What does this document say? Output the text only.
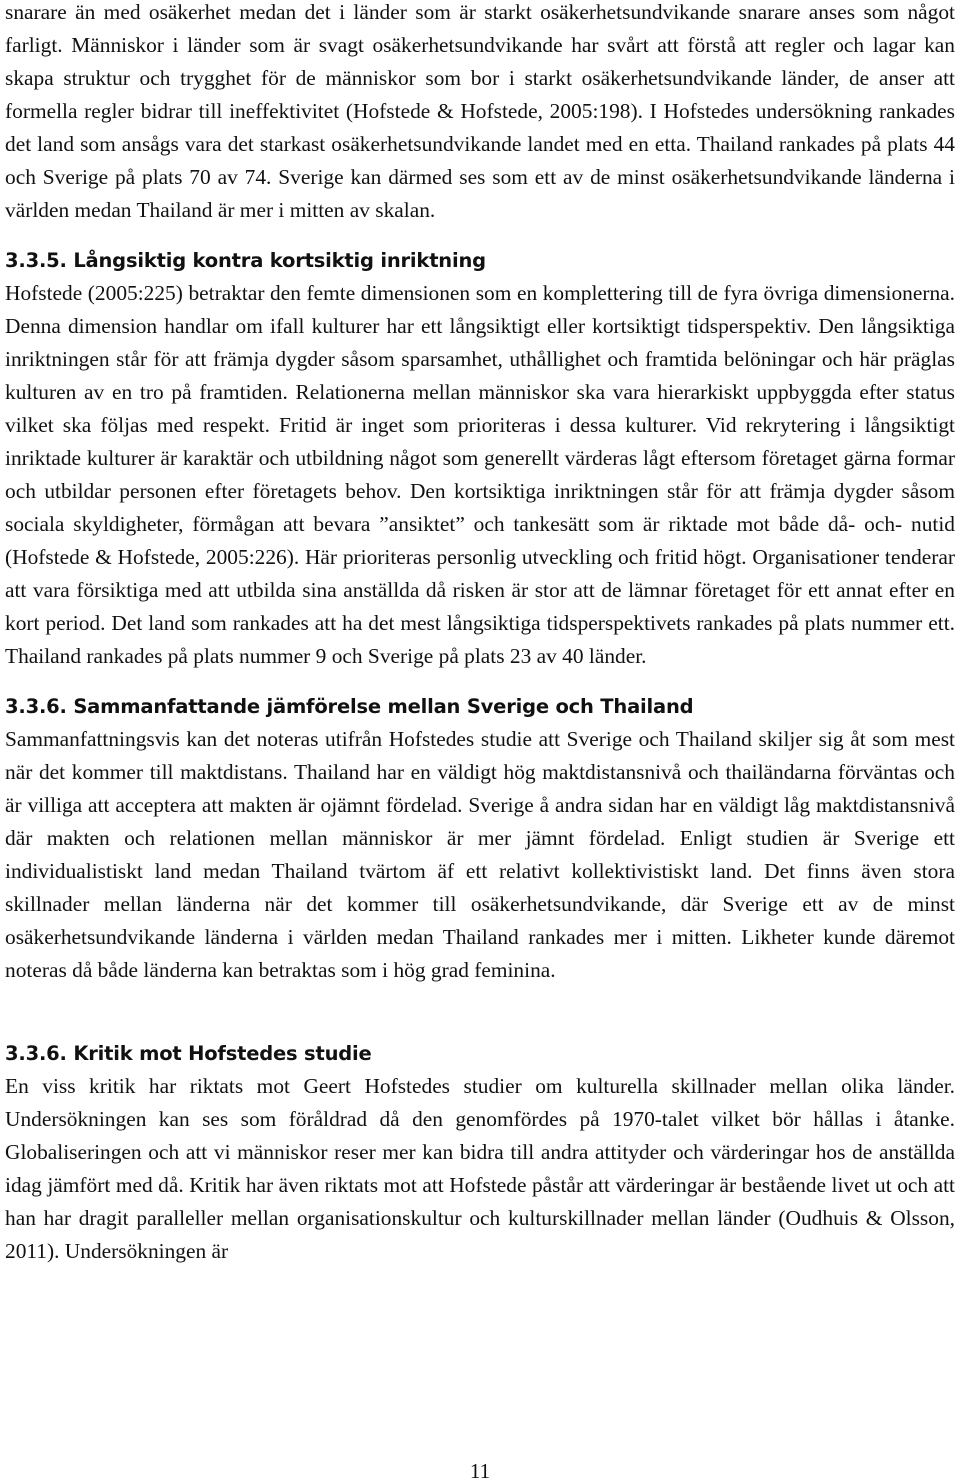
snarare än med osäkerhet medan det i länder som är starkt osäkerhetsundvikande snarare anses som något farligt. Människor i länder som är svagt osäkerhetsundvikande har svårt att förstå att regler och lagar kan skapa struktur och trygghet för de människor som bor i starkt osäkerhetsundvikande länder, de anser att formella regler bidrar till ineffektivitet (Hofstede & Hofstede, 2005:198). I Hofstedes undersökning rankades det land som ansågs vara det starkast osäkerhetsundvikande landet med en etta. Thailand rankades på plats 44 och Sverige på plats 70 av 74. Sverige kan därmed ses som ett av de minst osäkerhetsundvikande länderna i världen medan Thailand är mer i mitten av skalan.

3.3.5. Långsiktig kontra kortsiktig inriktning

Hofstede (2005:225) betraktar den femte dimensionen som en komplettering till de fyra övriga dimensionerna. Denna dimension handlar om ifall kulturer har ett långsiktigt eller kortsiktigt tidsperspektiv. Den långsiktiga inriktningen står för att främja dygder såsom sparsamhet, uthållighet och framtida belöningar och här präglas kulturen av en tro på framtiden. Relationerna mellan människor ska vara hierarkiskt uppbyggda efter status vilket ska följas med respekt. Fritid är inget som prioriteras i dessa kulturer. Vid rekrytering i långsiktigt inriktade kulturer är karaktär och utbildning något som generellt värderas lågt eftersom företaget gärna formar och utbildar personen efter företagets behov. Den kortsiktiga inriktningen står för att främja dygder såsom sociala skyldigheter, förmågan att bevara ”ansiktet” och tankesätt som är riktade mot både då- och- nutid (Hofstede & Hofstede, 2005:226). Här prioriteras personlig utveckling och fritid högt. Organisationer tenderar att vara försiktiga med att utbilda sina anställda då risken är stor att de lämnar företaget för ett annat efter en kort period. Det land som rankades att ha det mest långsiktiga tidsperspektivets rankades på plats nummer ett. Thailand rankades på plats nummer 9 och Sverige på plats 23 av 40 länder.

3.3.6. Sammanfattande jämförelse mellan Sverige och Thailand

Sammanfattningsvis kan det noteras utifrån Hofstedes studie att Sverige och Thailand skiljer sig åt som mest när det kommer till maktdistans. Thailand har en väldigt hög maktdistansnivå och thailändarna förväntas och är villiga att acceptera att makten är ojämnt fördelad. Sverige å andra sidan har en väldigt låg maktdistansnivå där makten och relationen mellan människor är mer jämnt fördelad. Enligt studien är Sverige ett individualistiskt land medan Thailand tvärtom äf ett relativt kollektivistiskt land. Det finns även stora skillnader mellan länderna när det kommer till osäkerhetsundvikande, där Sverige ett av de minst osäkerhetsundvikande länderna i världen medan Thailand rankades mer i mitten. Likheter kunde däremot noteras då både länderna kan betraktas som i hög grad feminina.

3.3.6. Kritik mot Hofstedes studie

En viss kritik har riktats mot Geert Hofstedes studier om kulturella skillnader mellan olika länder. Undersökningen kan ses som föråldrad då den genomfördes på 1970-talet vilket bör hållas i åtanke. Globaliseringen och att vi människor reser mer kan bidra till andra attityder och värderingar hos de anställda idag jämfört med då. Kritik har även riktats mot att Hofstede påstår att värderingar är bestående livet ut och att han har dragit paralleller mellan organisationskultur och kulturskillnader mellan länder (Oudhuis & Olsson, 2011). Undersökningen är

11
